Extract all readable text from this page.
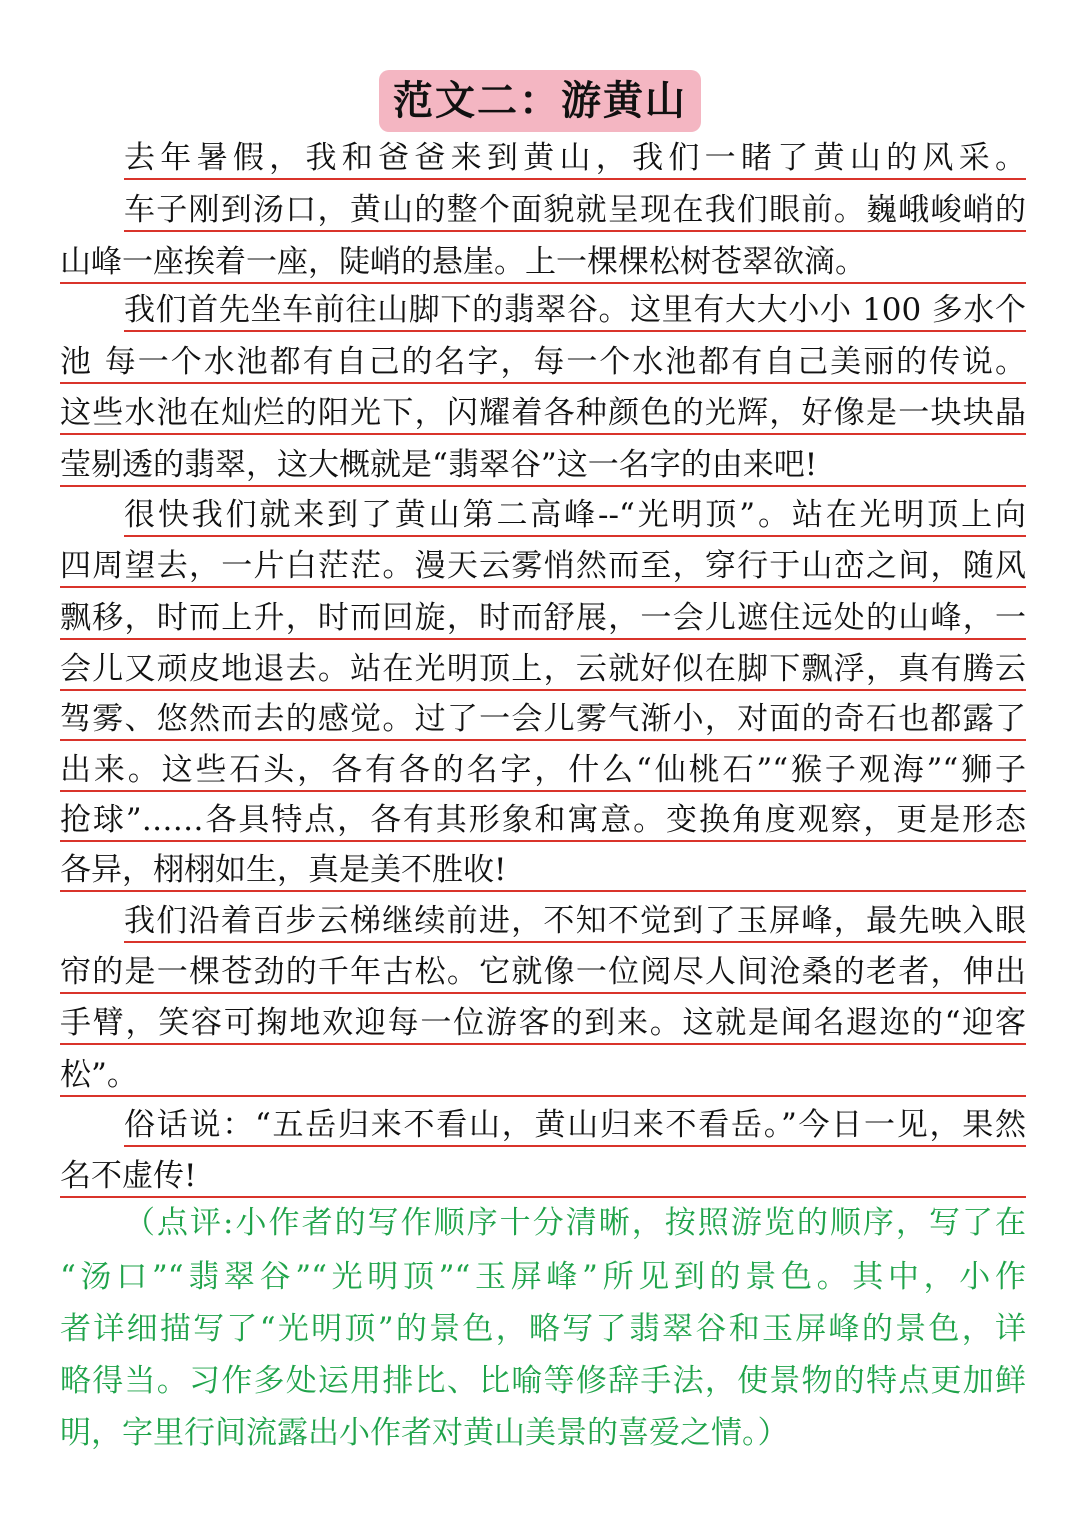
范文二：游黄山
去年暑假，我和爸爸来到黄山，我们一睹了黄山的风采。
车子刚到汤口，黄山的整个面貌就呈现在我们眼前。巍峨峻峭的
山峰一座挨着一座，陡峭的悬崖。上一棵棵松树苍翠欲滴。
我们首先坐车前往山脚下的翡翠谷。这里有大大小小 100 多水个
池 每一个水池都有自己的名字，每一个水池都有自己美丽的传说。
这些水池在灿烂的阳光下，闪耀着各种颜色的光辉，好像是一块块晶
莹剔透的翡翠，这大概就是“翡翠谷”这一名字的由来吧!
很快我们就来到了黄山第二高峰--“光明顶”。站在光明顶上向
四周望去，一片白茫茫。漫天云雾悄然而至，穿行于山峦之间，随风
飘移，时而上升，时而回旋，时而舒展，一会儿遮住远处的山峰，一
会儿又顽皮地退去。站在光明顶上，云就好似在脚下飘浮，真有腾云
驾雾、悠然而去的感觉。过了一会儿雾气渐小，对面的奇石也都露了
出来。这些石头，各有各的名字，什么“仙桃石”“猴子观海”“狮子
抢球”……各具特点，各有其形象和寓意。变换角度观察，更是形态
各异，栩栩如生，真是美不胜收!
我们沿着百步云梯继续前进，不知不觉到了玉屏峰，最先映入眼
帘的是一棵苍劲的千年古松。它就像一位阅尽人间沧桑的老者，伸出
手臂，笑容可掬地欢迎每一位游客的到来。这就是闻名遐迩的“迎客
松”。
俗话说：“五岳归来不看山，黄山归来不看岳。”今日一见，果然
名不虚传!
（点评:小作者的写作顺序十分清晰，按照游览的顺序，写了在
“汤口”“翡翠谷”“光明顶”“玉屏峰”所见到的景色。其中，小作
者详细描写了“光明顶”的景色，略写了翡翠谷和玉屏峰的景色，详
略得当。习作多处运用排比、比喻等修辞手法，使景物的特点更加鲜
明，字里行间流露出小作者对黄山美景的喜爱之情。）
